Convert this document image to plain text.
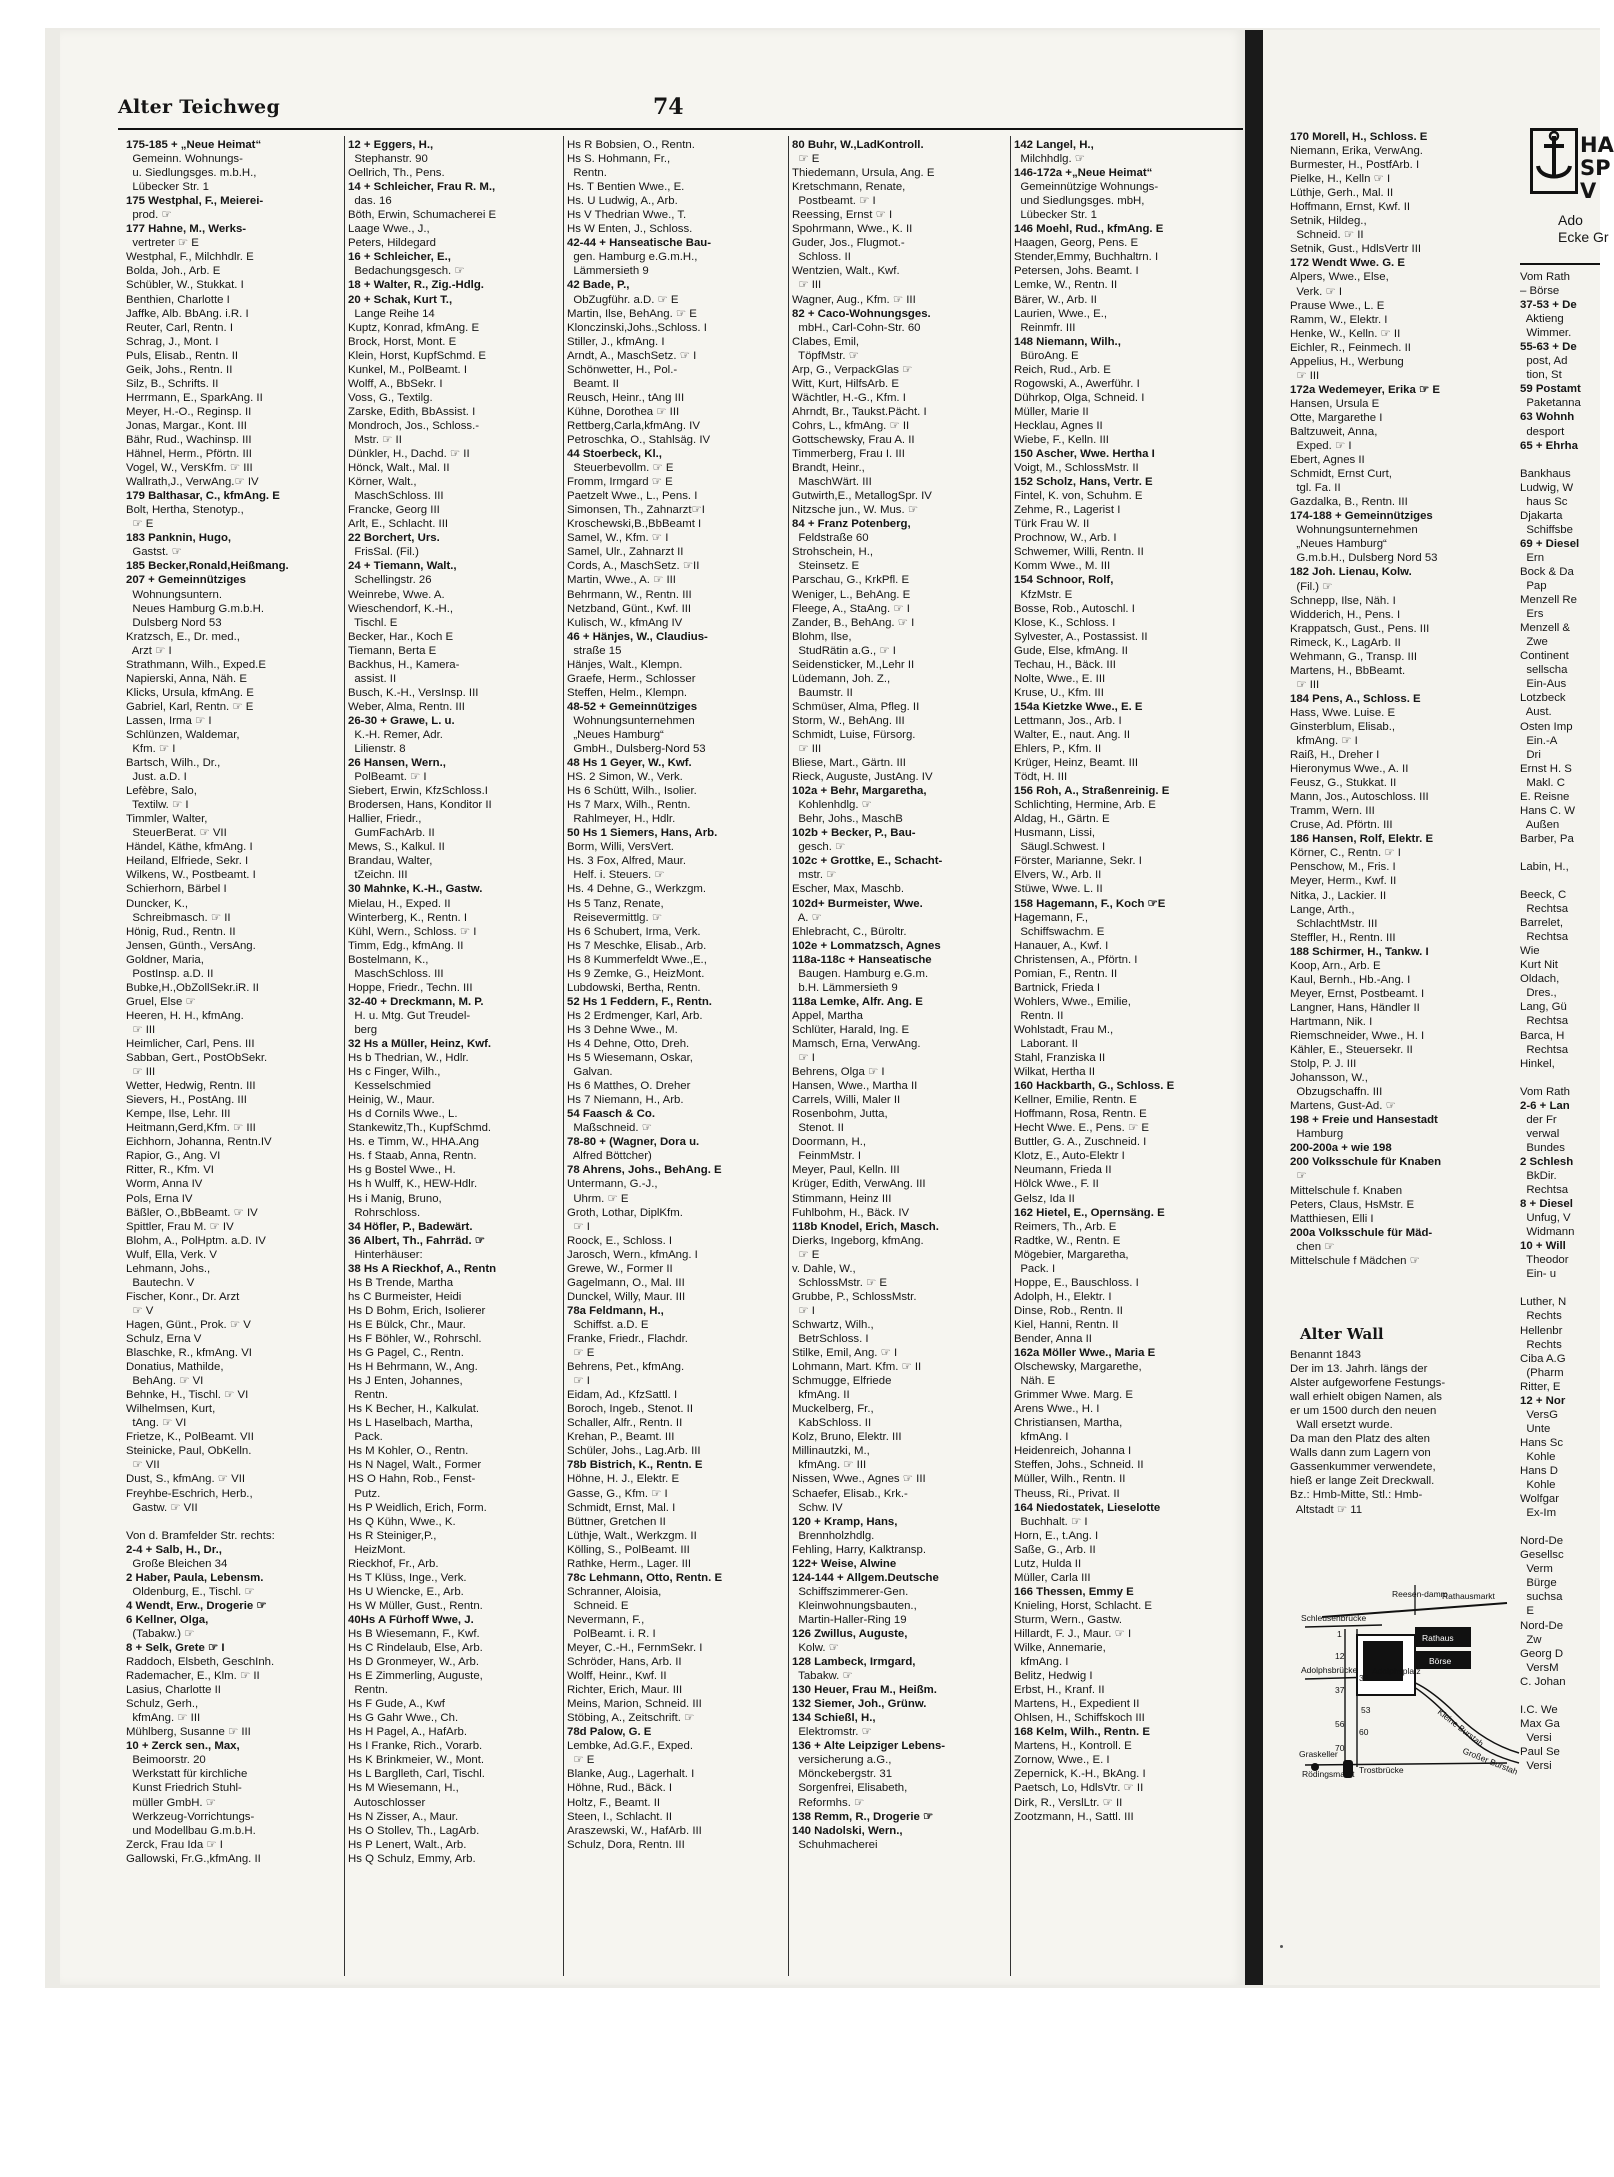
Alter Teichweg	74
175-185 + „Neue Heimat“
Gemeinn. Wohnungs-
u. Siedlungsges. m.b.H.,
Lübecker Str. 1
175 Westphal, F., Meierei-
prod. ☞
177 Hahne, M., Werks-
vertreter ☞ E
Westphal, F., Milchhdlr. E
Bolda, Joh., Arb. E
Schübler, W., Stukkat. I
Benthien, Charlotte I
Jaffke, Alb. BbAng. i.R. I
Reuter, Carl, Rentn. I
Schrag, J., Mont. I
Puls, Elisab., Rentn. II
Geik, Johs., Rentn. II
Silz, B., Schrifts. II
Herrmann, E., SparkAng. II
Meyer, H.-O., Reginsp. II
Jonas, Margar., Kont. III
Bähr, Rud., Wachinsp. III
Hähnel, Herm., Pförtn. III
Vogel, W., VersKfm. ☞ III
Wallrath,J., VerwAng.☞ IV
179 Balthasar, C., kfmAng. E
Bolt, Hertha, Stenotyp.,
☞ E
183 Panknin, Hugo,
Gastst. ☞
185 Becker,Ronald,Heißmang.
207 + Gemeinnütziges
Wohnungsuntern.
Neues Hamburg G.m.b.H.
Dulsberg Nord 53
Kratzsch, E., Dr. med.,
Arzt ☞ I
Strathmann, Wilh., Exped.E
Napierski, Anna, Näh. E
Klicks, Ursula, kfmAng. E
Gabriel, Karl, Rentn. ☞ E
Lassen, Irma ☞ I
Schlünzen, Waldemar,
Kfm. ☞ I
Bartsch, Wilh., Dr.,
Just. a.D. I
Lefèbre, Salo,
Textilw. ☞ I
Timmler, Walter,
SteuerBerat. ☞ VII
Händel, Käthe, kfmAng. I
Heiland, Elfriede, Sekr. I
Wilkens, W., Postbeamt. I
Schierhorn, Bärbel I
Duncker, K.,
Schreibmasch. ☞ II
Hönig, Rud., Rentn. II
Jensen, Günth., VersAng.
Goldner, Maria,
PostInsp. a.D. II
Bubke,H.,ObZollSekr.iR. II
Gruel, Else ☞
Heeren, H. H., kfmAng.
☞ III
Heimlicher, Carl, Pens. III
Sabban, Gert., PostObSekr.
☞ III
Wetter, Hedwig, Rentn. III
Sievers, H., PostAng. III
Kempe, Ilse, Lehr. III
Heitmann,Gerd,Kfm. ☞ III
Eichhorn, Johanna, Rentn.IV
Rapior, G., Ang. VI
Ritter, R., Kfm. VI
Worm, Anna IV
Pols, Erna IV
Bäßler, O.,BbBeamt. ☞ IV
Spittler, Frau M. ☞ IV
Blohm, A., PolHptm. a.D. IV
Wulf, Ella, Verk. V
Lehmann, Johs.,
Bautechn. V
Fischer, Konr., Dr. Arzt
☞ V
Hagen, Günt., Prok. ☞ V
Schulz, Erna V
Blaschke, R., kfmAng. VI
Donatius, Mathilde,
BehAng. ☞ VI
Behnke, H., Tischl. ☞ VI
Wilhelmsen, Kurt,
tAng. ☞ VI
Frietze, K., PolBeamt. VII
Steinicke, Paul, ObKelln.
☞ VII
Dust, S., kfmAng. ☞ VII
Freyhbe-Eschrich, Herb.,
Gastw. ☞ VII

Von d. Bramfelder Str. rechts:
2-4 + Salb, H., Dr.,
Große Bleichen 34
2 Haber, Paula, Lebensm.
Oldenburg, E., Tischl. ☞
4 Wendt, Erw., Drogerie ☞
6 Kellner, Olga,
(Tabakw.) ☞
8 + Selk, Grete ☞ I
Raddoch, Elsbeth, GeschInh.
Rademacher, E., Klm. ☞ II
Lasius, Charlotte II
Schulz, Gerh.,
kfmAng. ☞ III
Mühlberg, Susanne ☞ III
10 + Zerck sen., Max,
Beimoorstr. 20
Werkstatt für kirchliche
Kunst Friedrich Stuhl-
müller GmbH. ☞
Werkzeug-Vorrichtungs-
und Modellbau G.m.b.H.
Zerck, Frau Ida ☞ I
Gallowski, Fr.G.,kfmAng. II
12 + Eggers, H.,
Stephanstr. 90
Oellrich, Th., Pens.
14 + Schleicher, Frau R. M.,
das. 16
Böth, Erwin, Schumacherei E
Laage Wwe., J.,
Peters, Hildegard
16 + Schleicher, E.,
Bedachungsgesch. ☞
18 + Walter, R., Zig.-Hdlg.
20 + Schak, Kurt T.,
Lange Reihe 14
Kuptz, Konrad, kfmAng. E
Brock, Horst, Mont. E
Klein, Horst, KupfSchmd. E
Kunkel, M., PolBeamt. I
Wolff, A., BbSekr. I
Voss, G., Textilg.
Zarske, Edith, BbAssist. I
Mondroch, Jos., Schloss.-
Mstr. ☞ II
Dünkler, H., Dachd. ☞ II
Hönck, Walt., Mal. II
Körner, Walt.,
MaschSchloss. III
Francke, Georg III
Arlt, E., Schlacht. III
22 Borchert, Urs.
FrisSal. (Fil.)
24 + Tiemann, Walt.,
Schellingstr. 26
Weinrebe, Wwe. A.
Wieschendorf, K.-H.,
Tischl. E
Becker, Har., Koch E
Tiemann, Berta E
Backhus, H., Kamera-
assist. II
Busch, K.-H., VersInsp. III
Weber, Alma, Rentn. III
26-30 + Grawe, L. u.
K.-H. Remer, Adr.
Lilienstr. 8
26 Hansen, Wern.,
PolBeamt. ☞ I
Siebert, Erwin, KfzSchloss.I
Brodersen, Hans, Konditor II
Hallier, Friedr.,
GumFachArb. II
Mews, S., Kalkul. II
Brandau, Walter,
tZeichn. III
30 Mahnke, K.-H., Gastw.
Mielau, H., Exped. II
Winterberg, K., Rentn. I
Kühl, Wern., Schloss. ☞ I
Timm, Edg., kfmAng. II
Bostelmann, K.,
MaschSchloss. III
Hoppe, Friedr., Techn. III
32-40 + Dreckmann, M. P.
H. u. Mtg. Gut Treudel-
berg
32 Hs a Müller, Heinz, Kwf.
Hs b Thedrian, W., Hdlr.
Hs c Finger, Wilh.,
Kesselschmied
Heinig, W., Maur.
Hs d Cornils Wwe., L.
Stankewitz,Th., KupfSchmd.
Hs. e Timm, W., HHA.Ang
Hs. f Staab, Anna, Rentn.
Hs g Bostel Wwe., H.
Hs h Wulff, K., HEW-Hdlr.
Hs i Manig, Bruno,
Rohrschloss.
34 Höfler, P., Badewärt.
36 Albert, Th., Fahrräd. ☞
Hinterhäuser:
38 Hs A Rieckhof, A., Rentn
Hs B Trende, Martha
hs C Burmeister, Heidi
Hs D Bohm, Erich, Isolierer
Hs E Bülck, Chr., Maur.
Hs F Böhler, W., Rohrschl.
Hs G Pagel, C., Rentn.
Hs H Behrmann, W., Ang.
Hs J Enten, Johannes,
Rentn.
Hs K Becher, H., Kalkulat.
Hs L Haselbach, Martha,
Pack.
Hs M Kohler, O., Rentn.
Hs N Nagel, Walt., Former
HS O Hahn, Rob., Fenst-
Putz.
Hs P Weidlich, Erich, Form.
Hs Q Kühn, Wwe., K.
Hs R Steiniger,P.,
HeizMont.
Rieckhof, Fr., Arb.
Hs T Klüss, Inge., Verk.
Hs U Wiencke, E., Arb.
Hs W Müller, Gust., Rentn.
40Hs A Fürhoff Wwe, J.
Hs B Wiesemann, F., Kwf.
Hs C Rindelaub, Else, Arb.
Hs D Gronmeyer, W., Arb.
Hs E Zimmerling, Auguste,
Rentn.
Hs F Gude, A., Kwf
Hs G Gahr Wwe., Ch.
Hs H Pagel, A., HafArb.
Hs I Franke, Rich., Vorarb.
Hs K Brinkmeier, W., Mont.
Hs L Barglleth, Carl, Tischl.
Hs M Wiesemann, H.,
Autoschlosser
Hs N Zisser, A., Maur.
Hs O Stollev, Th., LagArb.
Hs P Lenert, Walt., Arb.
Hs Q Schulz, Emmy, Arb.
Hs R Bobsien, O., Rentn.
Hs S. Hohmann, Fr.,
Rentn.
Hs. T Bentien Wwe., E.
Hs. U Ludwig, A., Arb.
Hs V Thedrian Wwe., T.
Hs W Enten, J., Schloss.
42-44 + Hanseatische Bau-
gen. Hamburg e.G.m.H.,
Lämmersieth 9
42 Bade, P.,
ObZugführ. a.D. ☞ E
Martin, Ilse, BehAng. ☞ E
Klonczinski,Johs.,Schloss. I
Stiller, J., kfmAng. I
Arndt, A., MaschSetz. ☞ I
Schönwetter, H., Pol.-
Beamt. II
Reusch, Heinr., tAng III
Kühne, Dorothea ☞ III
Rettberg,Carla,kfmAng. IV
Petroschka, O., Stahlsäg. IV
44 Stoerbeck, Kl.,
Steuerbevollm. ☞ E
Fromm, Irmgard ☞ E
Paetzelt Wwe., L., Pens. I
Simonsen, Th., Zahnarzt☞I
Kroschewski,B.,BbBeamt I
Samel, W., Kfm. ☞ I
Samel, Ulr., Zahnarzt II
Cords, A., MaschSetz. ☞II
Martin, Wwe., A. ☞ III
Behrmann, W., Rentn. III
Netzband, Günt., Kwf. III
Kulisch, W., kfmAng IV
46 + Hänjes, W., Claudius-
straße 15
Hänjes, Walt., Klempn.
Graefe, Herm., Schlosser
Steffen, Helm., Klempn.
48-52 + Gemeinnütziges
Wohnungsunternehmen
„Neues Hamburg“
GmbH., Dulsberg-Nord 53
48 Hs 1 Geyer, W., Kwf.
HS. 2 Simon, W., Verk.
Hs 6 Schütt, Wilh., Isolier.
Hs 7 Marx, Wilh., Rentn.
Rahlmeyer, H., Hdlr.
50 Hs 1 Siemers, Hans, Arb.
Borm, Willi, VersVert.
Hs. 3 Fox, Alfred, Maur.
Helf. i. Steuers. ☞
Hs. 4 Dehne, G., Werkzgm.
Hs 5 Tanz, Renate,
Reisevermittlg. ☞
Hs 6 Schubert, Irma, Verk.
Hs 7 Meschke, Elisab., Arb.
Hs 8 Kummerfeldt Wwe.,E.,
Hs 9 Zemke, G., HeizMont.
Lubdowski, Bertha, Rentn.
52 Hs 1 Feddern, F., Rentn.
Hs 2 Erdmenger, Karl, Arb.
Hs 3 Dehne Wwe., M.
Hs 4 Dehne, Otto, Dreh.
Hs 5 Wiesemann, Oskar,
Galvan.
Hs 6 Matthes, O. Dreher
Hs 7 Niemann, H., Arb.
54 Faasch & Co.
Maßschneid. ☞
78-80 + (Wagner, Dora u.
Alfred Böttcher)
78 Ahrens, Johs., BehAng. E
Untermann, G.-J.,
Uhrm. ☞ E
Groth, Lothar, DiplKfm.
☞ I
Roock, E., Schloss. I
Jarosch, Wern., kfmAng. I
Grewe, W., Former II
Gagelmann, O., Mal. III
Dunckel, Willy, Maur. III
78a Feldmann, H.,
Schiffst. a.D. E
Franke, Friedr., Flachdr.
☞ E
Behrens, Pet., kfmAng.
☞ I
Eidam, Ad., KfzSattl. I
Boroch, Ingeb., Stenot. II
Schaller, Alfr., Rentn. II
Krehan, P., Beamt. III
Schüler, Johs., Lag.Arb. III
78b Bistrich, K., Rentn. E
Höhne, H. J., Elektr. E
Gasse, G., Kfm. ☞ I
Schmidt, Ernst, Mal. I
Büttner, Gretchen II
Lüthje, Walt., Werkzgm. II
Kölling, S., PolBeamt. III
Rathke, Herm., Lager. III
78c Lehmann, Otto, Rentn. E
Schranner, Aloisia,
Schneid. E
Nevermann, F.,
PolBeamt. i. R. I
Meyer, C.-H., FernmSekr. I
Schröder, Hans, Arb. II
Wolff, Heinr., Kwf. II
Richter, Erich, Maur. III
Meins, Marion, Schneid. III
Stöbing, A., Zeitschrift. ☞
78d Palow, G. E
Lembke, Ad.G.F., Exped.
☞ E
Blanke, Aug., Lagerhalt. I
Höhne, Rud., Bäck. I
Holtz, F., Beamt. II
Steen, I., Schlacht. II
Araszewski, W., HafArb. III
Schulz, Dora, Rentn. III
80 Buhr, W.,LadKontroll.
☞ E
Thiedemann, Ursula, Ang. E
Kretschmann, Renate,
Postbeamt. ☞ I
Reessing, Ernst ☞ I
Spohrmann, Wwe., K. II
Guder, Jos., Flugmot.-
Schloss. II
Wentzien, Walt., Kwf.
☞ III
Wagner, Aug., Kfm. ☞ III
82 + Caco-Wohnungsges.
mbH., Carl-Cohn-Str. 60
Clabes, Emil,
TöpfMstr. ☞
Arp, G., VerpackGlas ☞
Witt, Kurt, HilfsArb. E
Wächtler, H.-G., Kfm. I
Ahrndt, Br., Taukst.Pächt. I
Cohrs, L., kfmAng. ☞ II
Gottschewsky, Frau A. II
Timmerberg, Frau I. III
Brandt, Heinr.,
MaschWärt. III
Gutwirth,E., MetallogSpr. IV
Nitzsche jun., W. Mus. ☞
84 + Franz Potenberg,
Feldstraße 60
Strohschein, H.,
Steinsetz. E
Parschau, G., KrkPfl. E
Weniger, L., BehAng. E
Fleege, A., StaAng. ☞ I
Zander, B., BehAng. ☞ I
Blohm, Ilse,
StudRätin a.G., ☞ I
Seidensticker, M.,Lehr II
Lüdemann, Joh. Z.,
Baumstr. II
Schmüser, Alma, Pfleg. II
Storm, W., BehAng. III
Schmidt, Luise, Fürsorg.
☞ III
Bliese, Mart., Gärtn. III
Rieck, Auguste, JustAng. IV
102a + Behr, Margaretha,
Kohlenhdlg. ☞
Behr, Johs., MaschB
102b + Becker, P., Bau-
gesch. ☞
102c + Grottke, E., Schacht-
mstr. ☞
Escher, Max, Maschb.
102d+ Burmeister, Wwe.
A. ☞
Ehlebracht, C., Büroltr.
102e + Lommatzsch, Agnes
118a-118c + Hanseatische
Baugen. Hamburg e.G.m.
b.H. Lämmersieth 9
118a Lemke, Alfr. Ang. E
Appel, Martha
Schlüter, Harald, Ing. E
Mamsch, Erna, VerwAng.
☞ I
Behrens, Olga ☞ I
Hansen, Wwe., Martha II
Carrels, Willi, Maler II
Rosenbohm, Jutta,
Stenot. II
Doormann, H.,
FeinmMstr. I
Meyer, Paul, Kelln. III
Krüger, Edith, VerwAng. III
Stimmann, Heinz III
Fuhlbohm, H., Bäck. IV
118b Knodel, Erich, Masch.
Dierks, Ingeborg, kfmAng.
☞ E
v. Dahle, W.,
SchlossMstr. ☞ E
Grubbe, P., SchlossMstr.
☞ I
Schwartz, Wilh.,
BetrSchloss. I
Stilke, Emil, Ang. ☞ I
Lohmann, Mart. Kfm. ☞ II
Schmugge, Elfriede
kfmAng. II
Muckelberg, Fr.,
KabSchloss. II
Kolz, Bruno, Elektr. III
Millinautzki, M.,
kfmAng. ☞ III
Nissen, Wwe., Agnes ☞ III
Schaefer, Elisab., Krk.-
Schw. IV
120 + Kramp, Hans,
Brennholzhdlg.
Fehling, Harry, Kalktransp.
122+ Weise, Alwine
124-144 + Allgem.Deutsche
Schiffszimmerer-Gen.
Kleinwohnungsbauten.,
Martin-Haller-Ring 19
126 Zwillus, Auguste,
Kolw. ☞
128 Lambeck, Irmgard,
Tabakw. ☞
130 Heuer, Frau M., Heißm.
132 Siemer, Joh., Grünw.
134 Schießl, H.,
Elektromstr. ☞
136 + Alte Leipziger Lebens-
versicherung a.G.,
Mönckebergstr. 31
Sorgenfrei, Elisabeth,
Reformhs. ☞
138 Remm, R., Drogerie ☞
140 Nadolski, Wern.,
Schuhmacherei
142 Langel, H.,
Milchhdlg. ☞
146-172a +„Neue Heimat“
Gemeinnützige Wohnungs-
und Siedlungsges. mbH,
Lübecker Str. 1
146 Moehl, Rud., kfmAng. E
Haagen, Georg, Pens. E
Stender,Emmy, Buchhaltrn. I
Petersen, Johs. Beamt. I
Lemke, W., Rentn. II
Bärer, W., Arb. II
Laurien, Wwe., E.,
Reinmfr. III
148 Niemann, Wilh.,
BüroAng. E
Reich, Rud., Arb. E
Rogowski, A., Awerführ. I
Dührkop, Olga, Schneid. I
Müller, Marie II
Hecklau, Agnes II
Wiebe, F., Kelln. III
150 Ascher, Wwe. Hertha I
Voigt, M., SchlossMstr. II
152 Scholz, Hans, Vertr. E
Fintel, K. von, Schuhm. E
Zehme, R., Lagerist I
Türk Frau W. II
Prochnow, W., Arb. I
Schwemer, Willi, Rentn. II
Komm Wwe., M. III
154 Schnoor, Rolf,
KfzMstr. E
Bosse, Rob., Autoschl. I
Klose, K., Schloss. I
Sylvester, A., Postassist. II
Gude, Else, kfmAng. II
Techau, H., Bäck. III
Nolte, Wwe., E. III
Kruse, U., Kfm. III
154a Kietzke Wwe., E. E
Lettmann, Jos., Arb. I
Walter, E., naut. Ang. II
Ehlers, P., Kfm. II
Krüger, Heinz, Beamt. III
Tödt, H. III
156 Roh, A., Straßenreinig. E
Schlichting, Hermine, Arb. E
Aldag, H., Gärtn. E
Husmann, Lissi,
Säugl.Schwest. I
Förster, Marianne, Sekr. I
Elvers, W., Arb. II
Stüwe, Wwe. L. II
158 Hagemann, F., Koch ☞E
Hagemann, F.,
Schiffswachm. E
Hanauer, A., Kwf. I
Christensen, A., Pförtn. I
Pomian, F., Rentn. II
Bartnick, Frieda I
Wohlers, Wwe., Emilie,
Rentn. II
Wohlstadt, Frau M.,
Laborant. II
Stahl, Franziska II
Wilkat, Hertha II
160 Hackbarth, G., Schloss. E
Kellner, Emilie, Rentn. E
Hoffmann, Rosa, Rentn. E
Hecht Wwe. E., Pens. ☞ E
Buttler, G. A., Zuschneid. I
Klotz, E., Auto-Elektr I
Neumann, Frieda II
Hölck Wwe., F. II
Gelsz, Ida II
162 Hietel, E., Opernsäng. E
Reimers, Th., Arb. E
Radtke, W., Rentn. E
Mögebier, Margaretha,
Pack. I
Hoppe, E., Bauschloss. I
Adolph, H., Elektr. I
Dinse, Rob., Rentn. II
Kiel, Hanni, Rentn. II
Bender, Anna II
162a Möller Wwe., Maria E
Olschewsky, Margarethe,
Näh. E
Grimmer Wwe. Marg. E
Arens Wwe., H. I
Christiansen, Martha,
kfmAng. I
Heidenreich, Johanna I
Steffen, Johs., Schneid. II
Müller, Wilh., Rentn. II
Theuss, Ri., Privat. II
164 Niedostatek, Lieselotte
Buchhalt. ☞ I
Horn, E., t.Ang. I
Saße, G., Arb. II
Lutz, Hulda II
Müller, Carla III
166 Thessen, Emmy E
Knieling, Horst, Schlacht. E
Sturm, Wern., Gastw.
Hillardt, F. J., Maur. ☞ I
Wilke, Annemarie,
kfmAng. I
Belitz, Hedwig I
Erbst, H., Kranf. II
Martens, H., Expedient II
Ohlsen, H., Schiffskoch III
168 Kelm, Wilh., Rentn. E
Martens, H., Kontroll. E
Zornow, Wwe., E. I
Zepernick, K.-H., BkAng. I
Paetsch, Lo, HdlsVtr. ☞ II
Dirk, R., VerslLtr. ☞ II
Zootzmann, H., Sattl. III
170 Morell, H., Schloss. E
Niemann, Erika, VerwAng.
Burmester, H., PostfArb. I
Pielke, H., Kelln ☞ I
Lüthje, Gerh., Mal. II
Hoffmann, Ernst, Kwf. II
Setnik, Hildeg.,
Schneid. ☞ II
Setnik, Gust., HdlsVertr III
172 Wendt Wwe. G. E
Alpers, Wwe., Else,
Verk. ☞ I
Prause Wwe., L. E
Ramm, W., Elektr. I
Henke, W., Kelln. ☞ II
Eichler, R., Feinmech. II
Appelius, H., Werbung
☞ III
172a Wedemeyer, Erika ☞ E
Hansen, Ursula E
Otte, Margarethe I
Baltzuweit, Anna,
Exped. ☞ I
Ebert, Agnes II
Schmidt, Ernst Curt,
tgl. Fa. II
Gazdalka, B., Rentn. III
174-188 + Gemeinnütziges
Wohnungsunternehmen
„Neues Hamburg“
G.m.b.H., Dulsberg Nord 53
182 Joh. Lienau, Kolw.
(Fil.) ☞
Schnepp, Ilse, Näh. I
Widderich, H., Pens. I
Krappatsch, Gust., Pens. III
Rimeck, K., LagArb. II
Wehmann, G., Transp. III
Martens, H., BbBeamt.
☞ III
184 Pens, A., Schloss. E
Hass, Wwe. Luise. E
Ginsterblum, Elisab.,
kfmAng. ☞ I
Raiß, H., Dreher I
Hieronymus Wwe., A. II
Feusz, G., Stukkat. II
Mann, Jos., Autoschloss. III
Tramm, Wern. III
Cruse, Ad. Pförtn. III
186 Hansen, Rolf, Elektr. E
Körner, C., Rentn. ☞ I
Penschow, M., Fris. I
Meyer, Herm., Kwf. II
Nitka, J., Lackier. II
Lange, Arth.,
SchlachtMstr. III
Steffler, H., Rentn. III
188 Schirmer, H., Tankw. I
Koop, Arn., Arb. E
Kaul, Bernh., Hb.-Ang. I
Meyer, Ernst, Postbeamt. I
Langner, Hans, Händler II
Hartmann, Nik. I
Riemschneider, Wwe., H. I
Kähler, E., Steuersekr. II
Stolp, P. J. III
Johansson, W.,
Obzugschaffn. III
Martens, Gust-Ad. ☞
198 + Freie und Hansestadt
Hamburg
200-200a + wie 198
200 Volksschule für Knaben
☞
Mittelschule f. Knaben
Peters, Claus, HsMstr. E
Matthiesen, Elli I
200a Volksschule für Mäd-
chen ☞
Mittelschule f Mädchen ☞
Alter Wall
Benannt 1843
Der im 13. Jahrh. längs der
Alster aufgeworfene Festungs-
wall erhielt obigen Namen, als
er um 1500 durch den neuen
Wall ersetzt wurde.
Da man den Platz des alten
Walls dann zum Lagern von
Gassenkummer verwendete,
hieß er lange Zeit Dreckwall.
Bz.: Hmb-Mitte, Stl.: Hmb-
Altstadt ☞ 11
Reesen-damm
Rathausmarkt
Schleusenbrücke
Rathaus
Börse
Adolphsbrücke Adolphsplatz
Graskeller
Rödingsmarkt
Kleine Burstah
Großer Burstah
Trostbrücke
1
12
32
37
53
56
60
70
HA
SP
V
Ado
Ecke Gr
Vom Rath
– Börse
37-53 + De
Aktieng
Wimmer.
55-63 + De
post, Ad
tion, St
59 Postamt
Paketanna
63 Wohnh
desport
65 + Ehrha

Bankhaus
Ludwig, W
haus Sc
Djakarta
Schiffsbe
69 + Diesel
Ern
Bock & Da
Pap
Menzell Re
Ers
Menzell &
Zwe
Continent
sellscha
Ein-Aus
Lotzbeck
Aust.
Osten Imp
Ein.-A
Dri
Ernst H. S
Makl. C
E. Reisne
Hans C. W
Außen
Barber, Pa

Labin, H.,

Beeck, C
Rechtsa
Barrelet,
Rechtsa
Wie
Kurt Nit
Oldach,
Dres.,
Lang, Gü
Rechtsa
Barca, H
Rechtsa
Hinkel,

Vom Rath
2-6 + Lan
der Fr
verwal
Bundes
2 Schlesh
BkDir.
Rechtsa
8 + Diesel
Unfug, V
Widmann
10 + Will
Theodor
Ein- u

Luther, N
Rechts
Hellenbr
Rechts
Ciba A.G
(Pharm
Ritter, E
12 + Nor
VersG
Unte
Hans Sc
Kohle
Hans D
Kohle
Wolfgar
Ex-Im

Nord-De
Gesellsc
Verm
Bürge
suchsa
E
Nord-De
Zw
Georg D
VersM
C. Johan

I.C. We
Max Ga
Versi
Paul Se
Versi
